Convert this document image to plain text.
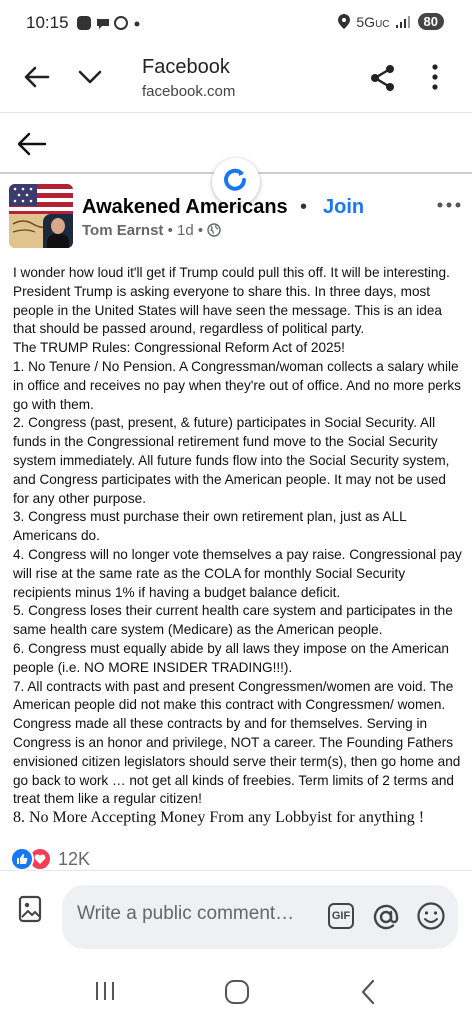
10:15	5GUC	80
Facebook
facebook.com
Awakened Americans • Join
Tom Earnst • 1d •

I wonder how loud it'll get if Trump could pull this off. It will be interesting. President Trump is asking everyone to share this. In three days, most people in the United States will have seen the message. This is an idea that should be passed around, regardless of political party.

The TRUMP Rules: Congressional Reform Act of 2025!

1. No Tenure / No Pension. A Congressman/woman collects a salary while in office and receives no pay when they're out of office. And no more perks go with them.

2. Congress (past, present, & future) participates in Social Security. All funds in the Congressional retirement fund move to the Social Security system immediately. All future funds flow into the Social Security system, and Congress participates with the American people. It may not be used for any other purpose.

3. Congress must purchase their own retirement plan, just as ALL Americans do.

4. Congress will no longer vote themselves a pay raise. Congressional pay will rise at the same rate as the COLA for monthly Social Security recipients minus 1% if having a budget balance deficit.

5. Congress loses their current health care system and participates in the same health care system (Medicare) as the American people.

6. Congress must equally abide by all laws they impose on the American people (i.e. NO MORE INSIDER TRADING!!!).

7. All contracts with past and present Congressmen/women are void. The American people did not make this contract with Congressmen/ women. Congress made all these contracts by and for themselves. Serving in Congress is an honor and privilege, NOT a career. The Founding Fathers envisioned citizen legislators should serve their term(s), then go home and go back to work … not get all kinds of freebies. Term limits of 2 terms and treat them like a regular citizen!

8. No More Accepting Money From any Lobbyist for anything !

12K
Write a public comment…	GIF
